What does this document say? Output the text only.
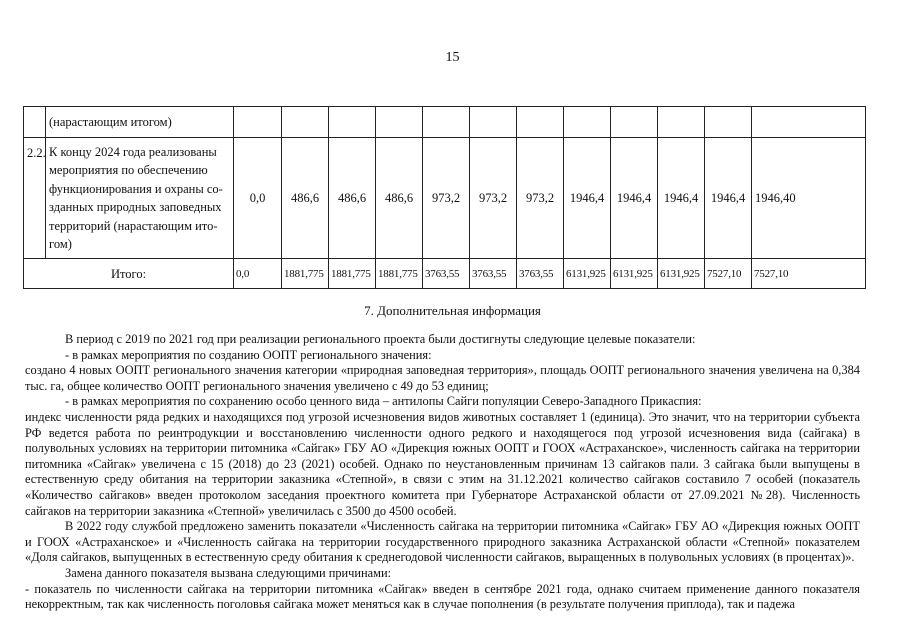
15
	(нарастающим итогом)												
2.2.	К концу 2024 года реализованы мероприятия по обеспечению функционирования и охраны со-зданных природных заповедных территорий (нарастающим ито-гом)	0,0	486,6	486,6	486,6	973,2	973,2	973,2	1946,4	1946,4	1946,4	1946,4	1946,40
Итого:		0,0	1881,775	1881,775	1881,775	3763,55	3763,55	3763,55	6131,925	6131,925	6131,925	7527,10	7527,10
7. Дополнительная информация

В период с 2019 по 2021 год при реализации регионального проекта были достигнуты следующие целевые показатели:

- в рамках мероприятия по созданию ООПТ регионального значения:

создано 4 новых ООПТ регионального значения категории «природная заповедная территория», площадь ООПТ регионального значения увеличена на 0,384 тыс. га, общее количество ООПТ регионального значения увеличено с 49 до 53 единиц;

- в рамках мероприятия по сохранению особо ценного вида – антилопы Сайги популяции Северо-Западного Прикаспия:

индекс численности ряда редких и находящихся под угрозой исчезновения видов животных составляет 1 (единица). Это значит, что на территории субъекта РФ ведется работа по реинтродукции и восстановлению численности одного редкого и находящегося под угрозой исчезновения вида (сайгака) в полувольных условиях на территории питомника «Сайгак» ГБУ АО «Дирекция южных ООПТ и ГООХ «Астраханское», численность сайгака на территории питомника «Сайгак» увеличена с 15 (2018) до 23 (2021) особей. Однако по неустановленным причинам 13 сайгаков пали. 3 сайгака были выпущены в естественную среду обитания на территории заказника «Степной», в связи с этим на 31.12.2021 количество сайгаков составило 7 особей (показатель «Количество сайгаков» введен протоколом заседания проектного комитета при Губернаторе Астраханской области от 27.09.2021 №28). Численность сайгаков на территории заказника «Степной» увеличилась с 3500 до 4500 особей.

В 2022 году службой предложено заменить показатели «Численность сайгака на территории питомника «Сайгак» ГБУ АО «Дирекция южных ООПТ и ГООХ «Астраханское» и «Численность сайгака на территории государственного природного заказника Астраханской области «Степной» показателем «Доля сайгаков, выпущенных в естественную среду обитания к среднегодовой численности сайгаков, выращенных в полувольных условиях (в процентах)».

Замена данного показателя вызвана следующими причинами:

- показатель по численности сайгака на территории питомника «Сайгак» введен в сентябре 2021 года, однако считаем применение данного показателя некорректным, так как численность поголовья сайгака может меняться как в случае пополнения (в результате получения приплода), так и падежа
